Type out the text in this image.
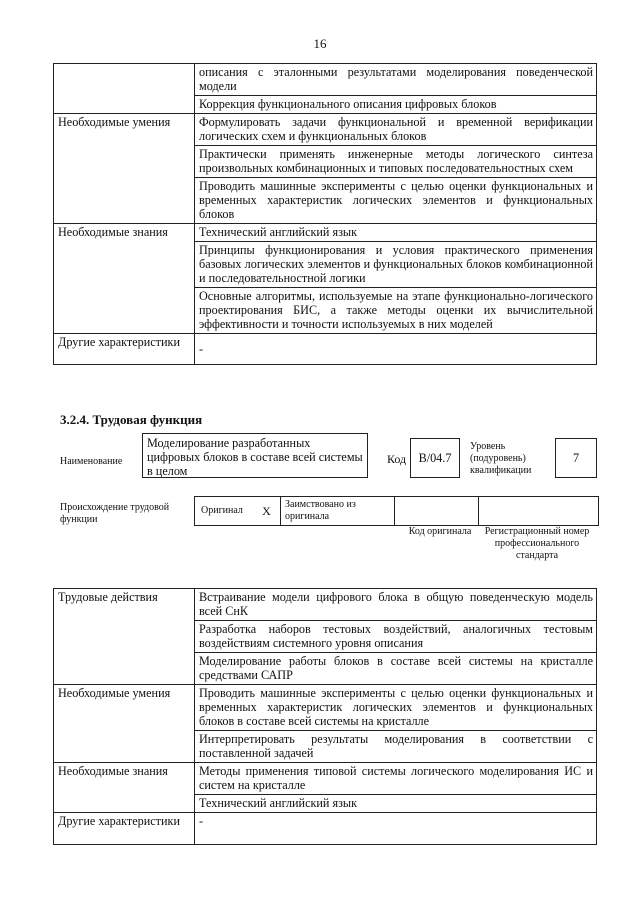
16
	описания с эталонными результатами моделирования поведенческой модели
	Коррекция функционального описания цифровых блоков
Необходимые умения	Формулировать задачи функциональной и временной верификации логических схем и функциональных блоков
	Практически применять инженерные методы логического синтеза произвольных комбинационных и типовых последовательностных схем
	Проводить машинные эксперименты с целью оценки функциональных и временных характеристик логических элементов и функциональных блоков
Необходимые знания	Технический английский язык
	Принципы функционирования и условия практического применения базовых логических элементов и функциональных блоков комбинационной и последовательностной логики
	Основные алгоритмы, используемые на этапе функционально-логического проектирования БИС, а также методы оценки их вычислительной эффективности и точности используемых в них моделей
Другие характеристики	-
3.2.4. Трудовая функция
Наименование
Моделирование разработанных цифровых блоков в составе всей системы в целом
Код	B/04.7
Уровень (подуровень) квалификации
7
Происхождение трудовой функции
Оригинал	X	Заимствовано из оригинала
Код оригинала	Регистрационный номер профессионального стандарта
Трудовые действия	Встраивание модели цифрового блока в общую поведенческую модель всей СнК
	Разработка наборов тестовых воздействий, аналогичных тестовым воздействиям системного уровня описания
	Моделирование работы блоков в составе всей системы на кристалле средствами САПР
Необходимые умения	Проводить машинные эксперименты с целью оценки функциональных и временных характеристик логических элементов и функциональных блоков в составе всей системы на кристалле
	Интерпретировать результаты моделирования в соответствии с поставленной задачей
Необходимые знания	Методы применения типовой системы логического моделирования ИС и систем на кристалле
	Технический английский язык
Другие характеристики	-
